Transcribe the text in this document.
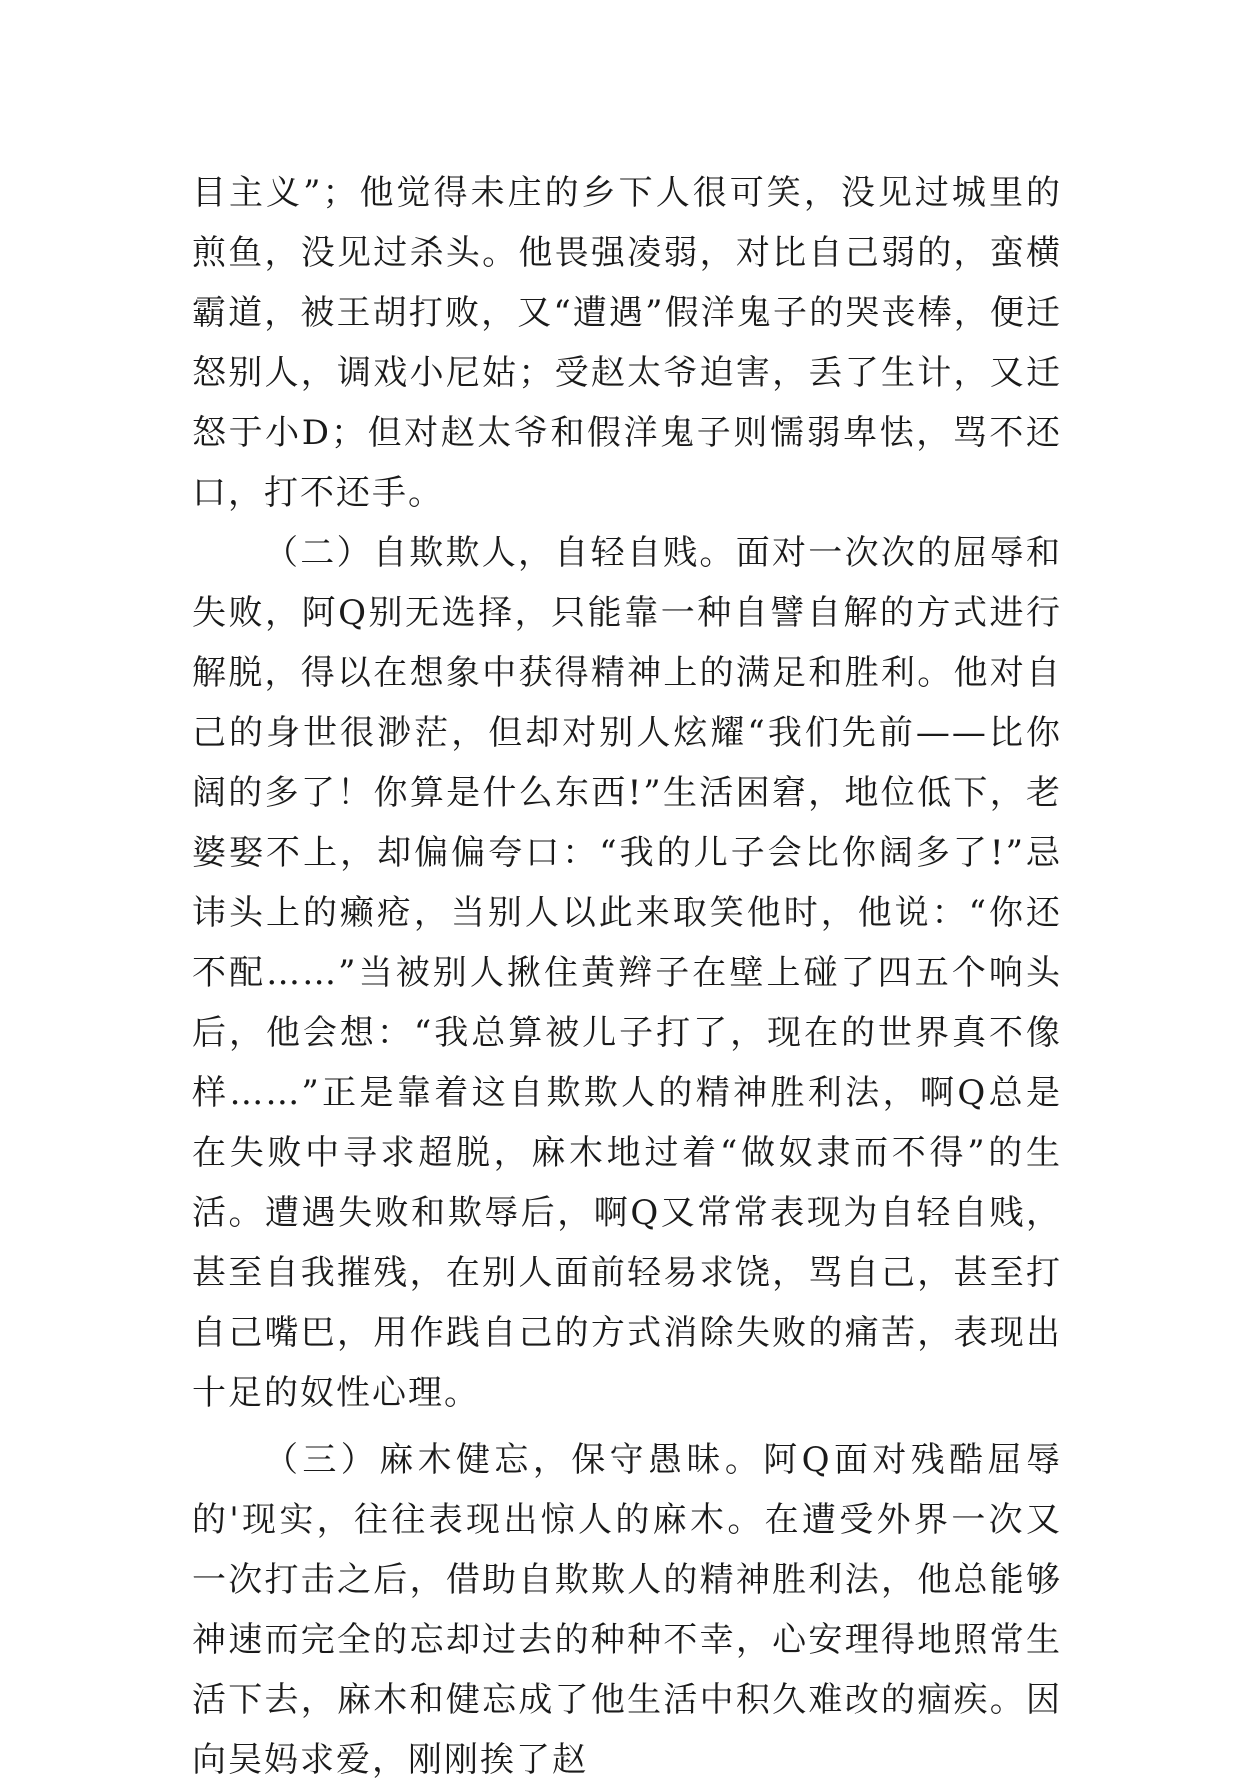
目主义”；他觉得未庄的乡下人很可笑，没见过城里的煎鱼，没见过杀头。他畏强凌弱，对比自己弱的，蛮横霸道，被王胡打败，又“遭遇”假洋鬼子的哭丧棒，便迁怒别人，调戏小尼姑；受赵太爷迫害，丢了生计，又迁怒于小D；但对赵太爷和假洋鬼子则懦弱卑怯，骂不还口，打不还手。

（二）自欺欺人，自轻自贱。面对一次次的屈辱和失败，阿Q别无选择，只能靠一种自譬自解的方式进行解脱，得以在想象中获得精神上的满足和胜利。他对自己的身世很渺茫，但却对别人炫耀“我们先前——比你阔的多了！你算是什么东西!”生活困窘，地位低下，老婆娶不上，却偏偏夸口：“我的儿子会比你阔多了!”忌讳头上的癞疮，当别人以此来取笑他时，他说：“你还不配……”当被别人揪住黄辫子在壁上碰了四五个响头后，他会想：“我总算被儿子打了，现在的世界真不像样……”正是靠着这自欺欺人的精神胜利法，啊Q总是在失败中寻求超脱，麻木地过着“做奴隶而不得”的生活。遭遇失败和欺辱后，啊Q又常常表现为自轻自贱，甚至自我摧残，在别人面前轻易求饶，骂自己，甚至打自己嘴巴，用作践自己的方式消除失败的痛苦，表现出十足的奴性心理。

（三）麻木健忘，保守愚昧。阿Q面对残酷屈辱的'现实，往往表现出惊人的麻木。在遭受外界一次又一次打击之后，借助自欺欺人的精神胜利法，他总能够神速而完全的忘却过去的种种不幸，心安理得地照常生活下去，麻木和健忘成了他生活中积久难改的痼疾。因向吴妈求爱，刚刚挨了赵
